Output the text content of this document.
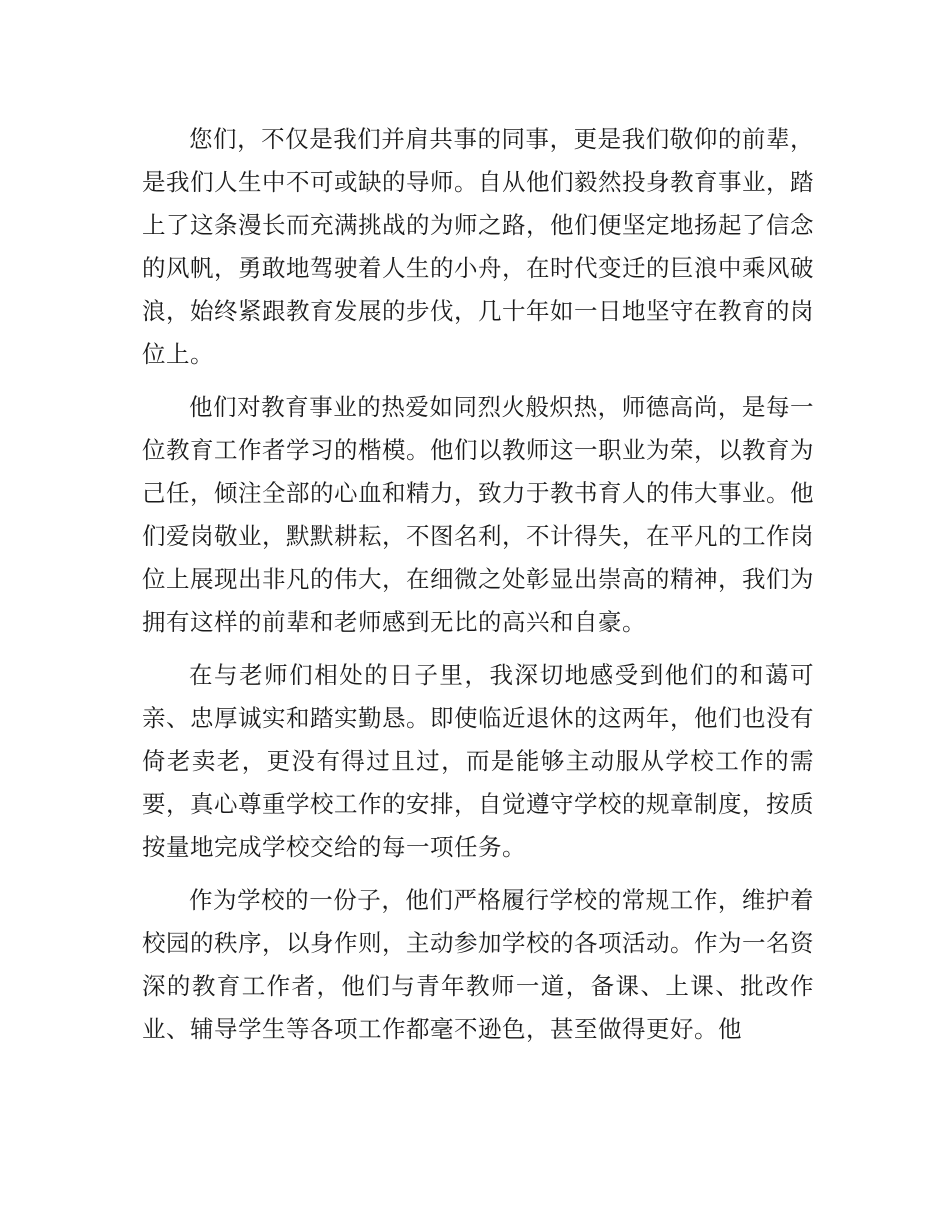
您们，不仅是我们并肩共事的同事，更是我们敬仰的前辈，是我们人生中不可或缺的导师。自从他们毅然投身教育事业，踏上了这条漫长而充满挑战的为师之路，他们便坚定地扬起了信念的风帆，勇敢地驾驶着人生的小舟，在时代变迁的巨浪中乘风破浪，始终紧跟教育发展的步伐，几十年如一日地坚守在教育的岗位上。

他们对教育事业的热爱如同烈火般炽热，师德高尚，是每一位教育工作者学习的楷模。他们以教师这一职业为荣，以教育为己任，倾注全部的心血和精力，致力于教书育人的伟大事业。他们爱岗敬业，默默耕耘，不图名利，不计得失，在平凡的工作岗位上展现出非凡的伟大，在细微之处彰显出崇高的精神，我们为拥有这样的前辈和老师感到无比的高兴和自豪。

在与老师们相处的日子里，我深切地感受到他们的和蔼可亲、忠厚诚实和踏实勤恳。即使临近退休的这两年，他们也没有倚老卖老，更没有得过且过，而是能够主动服从学校工作的需要，真心尊重学校工作的安排，自觉遵守学校的规章制度，按质按量地完成学校交给的每一项任务。

作为学校的一份子，他们严格履行学校的常规工作，维护着校园的秩序，以身作则，主动参加学校的各项活动。作为一名资深的教育工作者，他们与青年教师一道，备课、上课、批改作业、辅导学生等各项工作都毫不逊色，甚至做得更好。他
